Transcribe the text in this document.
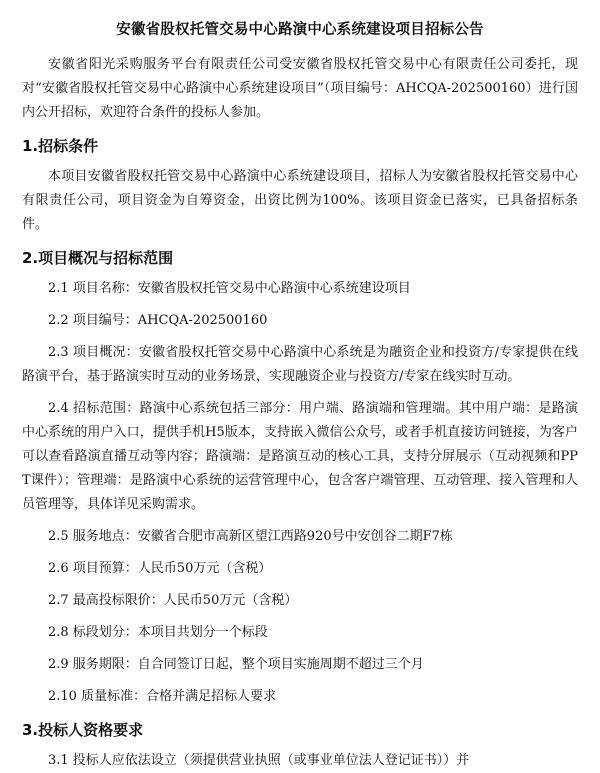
安徽省股权托管交易中心路演中心系统建设项目招标公告

安徽省阳光采购服务平台有限责任公司受安徽省股权托管交易中心有限责任公司委托，现对“安徽省股权托管交易中心路演中心系统建设项目”（项目编号：AHCQA-202500160）进行国内公开招标，欢迎符合条件的投标人参加。

1.招标条件

本项目安徽省股权托管交易中心路演中心系统建设项目，招标人为安徽省股权托管交易中心有限责任公司，项目资金为自筹资金，出资比例为100%。该项目资金已落实，已具备招标条件。

2.项目概况与招标范围
2.1 项目名称：安徽省股权托管交易中心路演中心系统建设项目
2.2 项目编号：AHCQA-202500160
2.3 项目概况：安徽省股权托管交易中心路演中心系统是为融资企业和投资方/专家提供在线路演平台，基于路演实时互动的业务场景，实现融资企业与投资方/专家在线实时互动。
2.4 招标范围：路演中心系统包括三部分：用户端、路演端和管理端。其中用户端：是路演中心系统的用户入口，提供手机H5版本，支持嵌入微信公众号，或者手机直接访问链接，为客户可以查看路演直播互动等内容；路演端：是路演互动的核心工具，支持分屏展示（互动视频和PPT课件）；管理端：是路演中心系统的运营管理中心，包含客户端管理、互动管理、接入管理和人员管理等，具体详见采购需求。
2.5 服务地点：安徽省合肥市高新区望江西路920号中安创谷二期F7栋
2.6 项目预算：人民币50万元（含税）
2.7 最高投标限价：人民币50万元（含税）
2.8 标段划分：本项目共划分一个标段
2.9 服务期限：自合同签订日起，整个项目实施周期不超过三个月
2.10 质量标准：合格并满足招标人要求
3.投标人资格要求
3.1 投标人应依法设立（须提供营业执照（或事业单位法人登记证书））并
